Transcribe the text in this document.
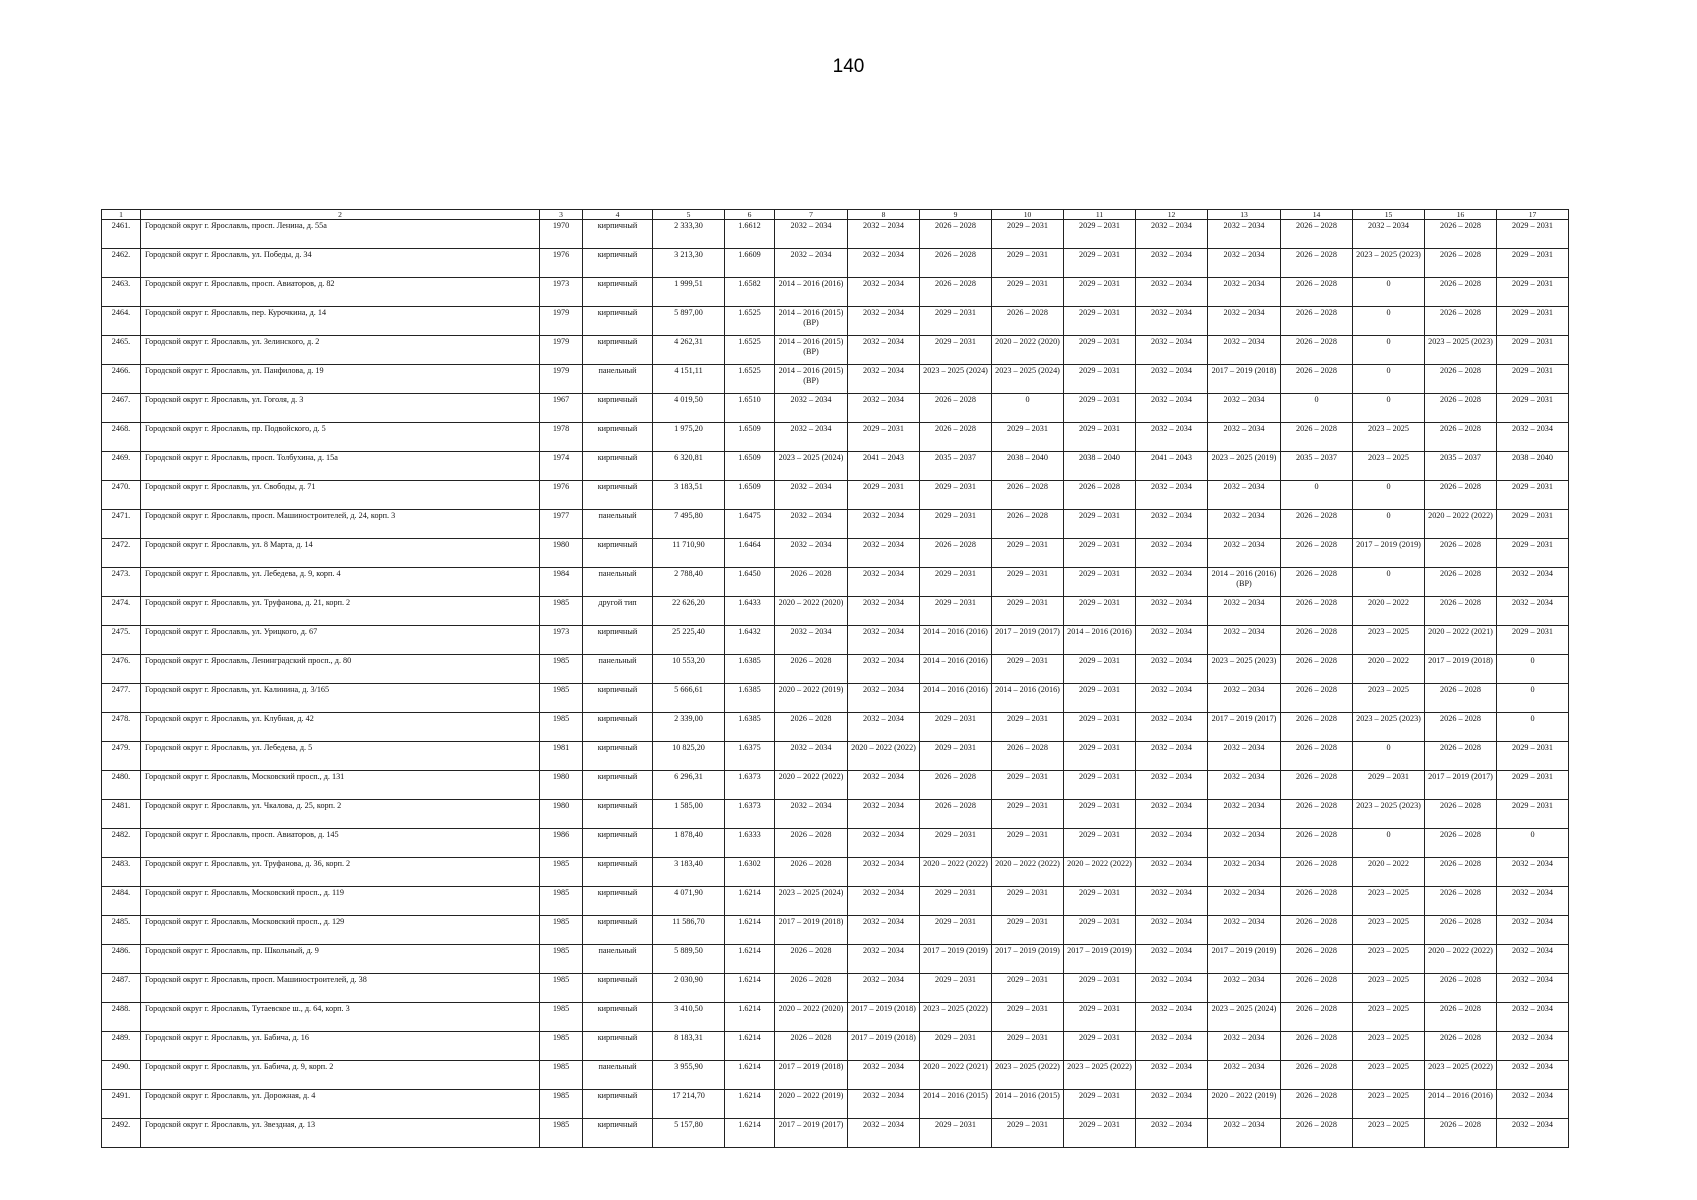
140
1	2	3	4	5	6	7	8	9	10	11	12	13	14	15	16	17
2461.	Городской округ г. Ярославль, просп. Ленина, д. 55а	1970	кирпичный	2 333,30	1.6612	2032 – 2034	2032 – 2034	2026 – 2028	2029 – 2031	2029 – 2031	2032 – 2034	2032 – 2034	2026 – 2028	2032 – 2034	2026 – 2028	2029 – 2031
2462.	Городской округ г. Ярославль, ул. Победы, д. 34	1976	кирпичный	3 213,30	1.6609	2032 – 2034	2032 – 2034	2026 – 2028	2029 – 2031	2029 – 2031	2032 – 2034	2032 – 2034	2026 – 2028	2023 – 2025 (2023)	2026 – 2028	2029 – 2031
2463.	Городской округ г. Ярославль, просп. Авиаторов, д. 82	1973	кирпичный	1 999,51	1.6582	2014 – 2016 (2016)	2032 – 2034	2026 – 2028	2029 – 2031	2029 – 2031	2032 – 2034	2032 – 2034	2026 – 2028	0	2026 – 2028	2029 – 2031
2464.	Городской округ г. Ярославль, пер. Курочкина, д. 14	1979	кирпичный	5 897,00	1.6525	2014 – 2016 (2015) (ВР)	2032 – 2034	2029 – 2031	2026 – 2028	2029 – 2031	2032 – 2034	2032 – 2034	2026 – 2028	0	2026 – 2028	2029 – 2031
2465.	Городской округ г. Ярославль, ул. Зелинского, д. 2	1979	кирпичный	4 262,31	1.6525	2014 – 2016 (2015) (ВР)	2032 – 2034	2029 – 2031	2020 – 2022 (2020)	2029 – 2031	2032 – 2034	2032 – 2034	2026 – 2028	0	2023 – 2025 (2023)	2029 – 2031
2466.	Городской округ г. Ярославль, ул. Панфилова, д. 19	1979	панельный	4 151,11	1.6525	2014 – 2016 (2015) (ВР)	2032 – 2034	2023 – 2025 (2024)	2023 – 2025 (2024)	2029 – 2031	2032 – 2034	2017 – 2019 (2018)	2026 – 2028	0	2026 – 2028	2029 – 2031
2467.	Городской округ г. Ярославль, ул. Гоголя, д. 3	1967	кирпичный	4 019,50	1.6510	2032 – 2034	2032 – 2034	2026 – 2028	0	2029 – 2031	2032 – 2034	2032 – 2034	0	0	2026 – 2028	2029 – 2031
2468.	Городской округ г. Ярославль, пр. Подвойского, д. 5	1978	кирпичный	1 975,20	1.6509	2032 – 2034	2029 – 2031	2026 – 2028	2029 – 2031	2029 – 2031	2032 – 2034	2032 – 2034	2026 – 2028	2023 – 2025	2026 – 2028	2032 – 2034
2469.	Городской округ г. Ярославль, просп. Толбухина, д. 15а	1974	кирпичный	6 320,81	1.6509	2023 – 2025 (2024)	2041 – 2043	2035 – 2037	2038 – 2040	2038 – 2040	2041 – 2043	2023 – 2025 (2019)	2035 – 2037	2023 – 2025	2035 – 2037	2038 – 2040
2470.	Городской округ г. Ярославль, ул. Свободы, д. 71	1976	кирпичный	3 183,51	1.6509	2032 – 2034	2029 – 2031	2029 – 2031	2026 – 2028	2026 – 2028	2032 – 2034	2032 – 2034	0	0	2026 – 2028	2029 – 2031
2471.	Городской округ г. Ярославль, просп. Машиностроителей, д. 24, корп. 3	1977	панельный	7 495,80	1.6475	2032 – 2034	2032 – 2034	2029 – 2031	2026 – 2028	2029 – 2031	2032 – 2034	2032 – 2034	2026 – 2028	0	2020 – 2022 (2022)	2029 – 2031
2472.	Городской округ г. Ярославль, ул. 8 Марта, д. 14	1980	кирпичный	11 710,90	1.6464	2032 – 2034	2032 – 2034	2026 – 2028	2029 – 2031	2029 – 2031	2032 – 2034	2032 – 2034	2026 – 2028	2017 – 2019 (2019)	2026 – 2028	2029 – 2031
2473.	Городской округ г. Ярославль, ул. Лебедева, д. 9, корп. 4	1984	панельный	2 788,40	1.6450	2026 – 2028	2032 – 2034	2029 – 2031	2029 – 2031	2029 – 2031	2032 – 2034	2014 – 2016 (2016) (ВР)	2026 – 2028	0	2026 – 2028	2032 – 2034
2474.	Городской округ г. Ярославль, ул. Труфанова, д. 21, корп. 2	1985	другой тип	22 626,20	1.6433	2020 – 2022 (2020)	2032 – 2034	2029 – 2031	2029 – 2031	2029 – 2031	2032 – 2034	2032 – 2034	2026 – 2028	2020 – 2022	2026 – 2028	2032 – 2034
2475.	Городской округ г. Ярославль, ул. Урицкого, д. 67	1973	кирпичный	25 225,40	1.6432	2032 – 2034	2032 – 2034	2014 – 2016 (2016)	2017 – 2019 (2017)	2014 – 2016 (2016)	2032 – 2034	2032 – 2034	2026 – 2028	2023 – 2025	2020 – 2022 (2021)	2029 – 2031
2476.	Городской округ г. Ярославль, Ленинградский просп., д. 80	1985	панельный	10 553,20	1.6385	2026 – 2028	2032 – 2034	2014 – 2016 (2016)	2029 – 2031	2029 – 2031	2032 – 2034	2023 – 2025 (2023)	2026 – 2028	2020 – 2022	2017 – 2019 (2018)	0
2477.	Городской округ г. Ярославль, ул. Калинина, д. 3/165	1985	кирпичный	5 666,61	1.6385	2020 – 2022 (2019)	2032 – 2034	2014 – 2016 (2016)	2014 – 2016 (2016)	2029 – 2031	2032 – 2034	2032 – 2034	2026 – 2028	2023 – 2025	2026 – 2028	0
2478.	Городской округ г. Ярославль, ул. Клубная, д. 42	1985	кирпичный	2 339,00	1.6385	2026 – 2028	2032 – 2034	2029 – 2031	2029 – 2031	2029 – 2031	2032 – 2034	2017 – 2019 (2017)	2026 – 2028	2023 – 2025 (2023)	2026 – 2028	0
2479.	Городской округ г. Ярославль, ул. Лебедева, д. 5	1981	кирпичный	10 825,20	1.6375	2032 – 2034	2020 – 2022 (2022)	2029 – 2031	2026 – 2028	2029 – 2031	2032 – 2034	2032 – 2034	2026 – 2028	0	2026 – 2028	2029 – 2031
2480.	Городской округ г. Ярославль, Московский просп., д. 131	1980	кирпичный	6 296,31	1.6373	2020 – 2022 (2022)	2032 – 2034	2026 – 2028	2029 – 2031	2029 – 2031	2032 – 2034	2032 – 2034	2026 – 2028	2029 – 2031	2017 – 2019 (2017)	2029 – 2031
2481.	Городской округ г. Ярославль, ул. Чкалова, д. 25, корп. 2	1980	кирпичный	1 585,00	1.6373	2032 – 2034	2032 – 2034	2026 – 2028	2029 – 2031	2029 – 2031	2032 – 2034	2032 – 2034	2026 – 2028	2023 – 2025 (2023)	2026 – 2028	2029 – 2031
2482.	Городской округ г. Ярославль, просп. Авиаторов, д. 145	1986	кирпичный	1 878,40	1.6333	2026 – 2028	2032 – 2034	2029 – 2031	2029 – 2031	2029 – 2031	2032 – 2034	2032 – 2034	2026 – 2028	0	2026 – 2028	0
2483.	Городской округ г. Ярославль, ул. Труфанова, д. 36, корп. 2	1985	кирпичный	3 183,40	1.6302	2026 – 2028	2032 – 2034	2020 – 2022 (2022)	2020 – 2022 (2022)	2020 – 2022 (2022)	2032 – 2034	2032 – 2034	2026 – 2028	2020 – 2022	2026 – 2028	2032 – 2034
2484.	Городской округ г. Ярославль, Московский просп., д. 119	1985	кирпичный	4 071,90	1.6214	2023 – 2025 (2024)	2032 – 2034	2029 – 2031	2029 – 2031	2029 – 2031	2032 – 2034	2032 – 2034	2026 – 2028	2023 – 2025	2026 – 2028	2032 – 2034
2485.	Городской округ г. Ярославль, Московский просп., д. 129	1985	кирпичный	11 586,70	1.6214	2017 – 2019 (2018)	2032 – 2034	2029 – 2031	2029 – 2031	2029 – 2031	2032 – 2034	2032 – 2034	2026 – 2028	2023 – 2025	2026 – 2028	2032 – 2034
2486.	Городской округ г. Ярославль, пр. Школьный, д. 9	1985	панельный	5 889,50	1.6214	2026 – 2028	2032 – 2034	2017 – 2019 (2019)	2017 – 2019 (2019)	2017 – 2019 (2019)	2032 – 2034	2017 – 2019 (2019)	2026 – 2028	2023 – 2025	2020 – 2022 (2022)	2032 – 2034
2487.	Городской округ г. Ярославль, просп. Машиностроителей, д. 38	1985	кирпичный	2 030,90	1.6214	2026 – 2028	2032 – 2034	2029 – 2031	2029 – 2031	2029 – 2031	2032 – 2034	2032 – 2034	2026 – 2028	2023 – 2025	2026 – 2028	2032 – 2034
2488.	Городской округ г. Ярославль, Тутаевское ш., д. 64, корп. 3	1985	кирпичный	3 410,50	1.6214	2020 – 2022 (2020)	2017 – 2019 (2018)	2023 – 2025 (2022)	2029 – 2031	2029 – 2031	2032 – 2034	2023 – 2025 (2024)	2026 – 2028	2023 – 2025	2026 – 2028	2032 – 2034
2489.	Городской округ г. Ярославль, ул. Бабича, д. 16	1985	кирпичный	8 183,31	1.6214	2026 – 2028	2017 – 2019 (2018)	2029 – 2031	2029 – 2031	2029 – 2031	2032 – 2034	2032 – 2034	2026 – 2028	2023 – 2025	2026 – 2028	2032 – 2034
2490.	Городской округ г. Ярославль, ул. Бабича, д. 9, корп. 2	1985	панельный	3 955,90	1.6214	2017 – 2019 (2018)	2032 – 2034	2020 – 2022 (2021)	2023 – 2025 (2022)	2023 – 2025 (2022)	2032 – 2034	2032 – 2034	2026 – 2028	2023 – 2025	2023 – 2025 (2022)	2032 – 2034
2491.	Городской округ г. Ярославль, ул. Дорожная, д. 4	1985	кирпичный	17 214,70	1.6214	2020 – 2022 (2019)	2032 – 2034	2014 – 2016 (2015)	2014 – 2016 (2015)	2029 – 2031	2032 – 2034	2020 – 2022 (2019)	2026 – 2028	2023 – 2025	2014 – 2016 (2016)	2032 – 2034
2492.	Городской округ г. Ярославль, ул. Звездная, д. 13	1985	кирпичный	5 157,80	1.6214	2017 – 2019 (2017)	2032 – 2034	2029 – 2031	2029 – 2031	2029 – 2031	2032 – 2034	2032 – 2034	2026 – 2028	2023 – 2025	2026 – 2028	2032 – 2034
